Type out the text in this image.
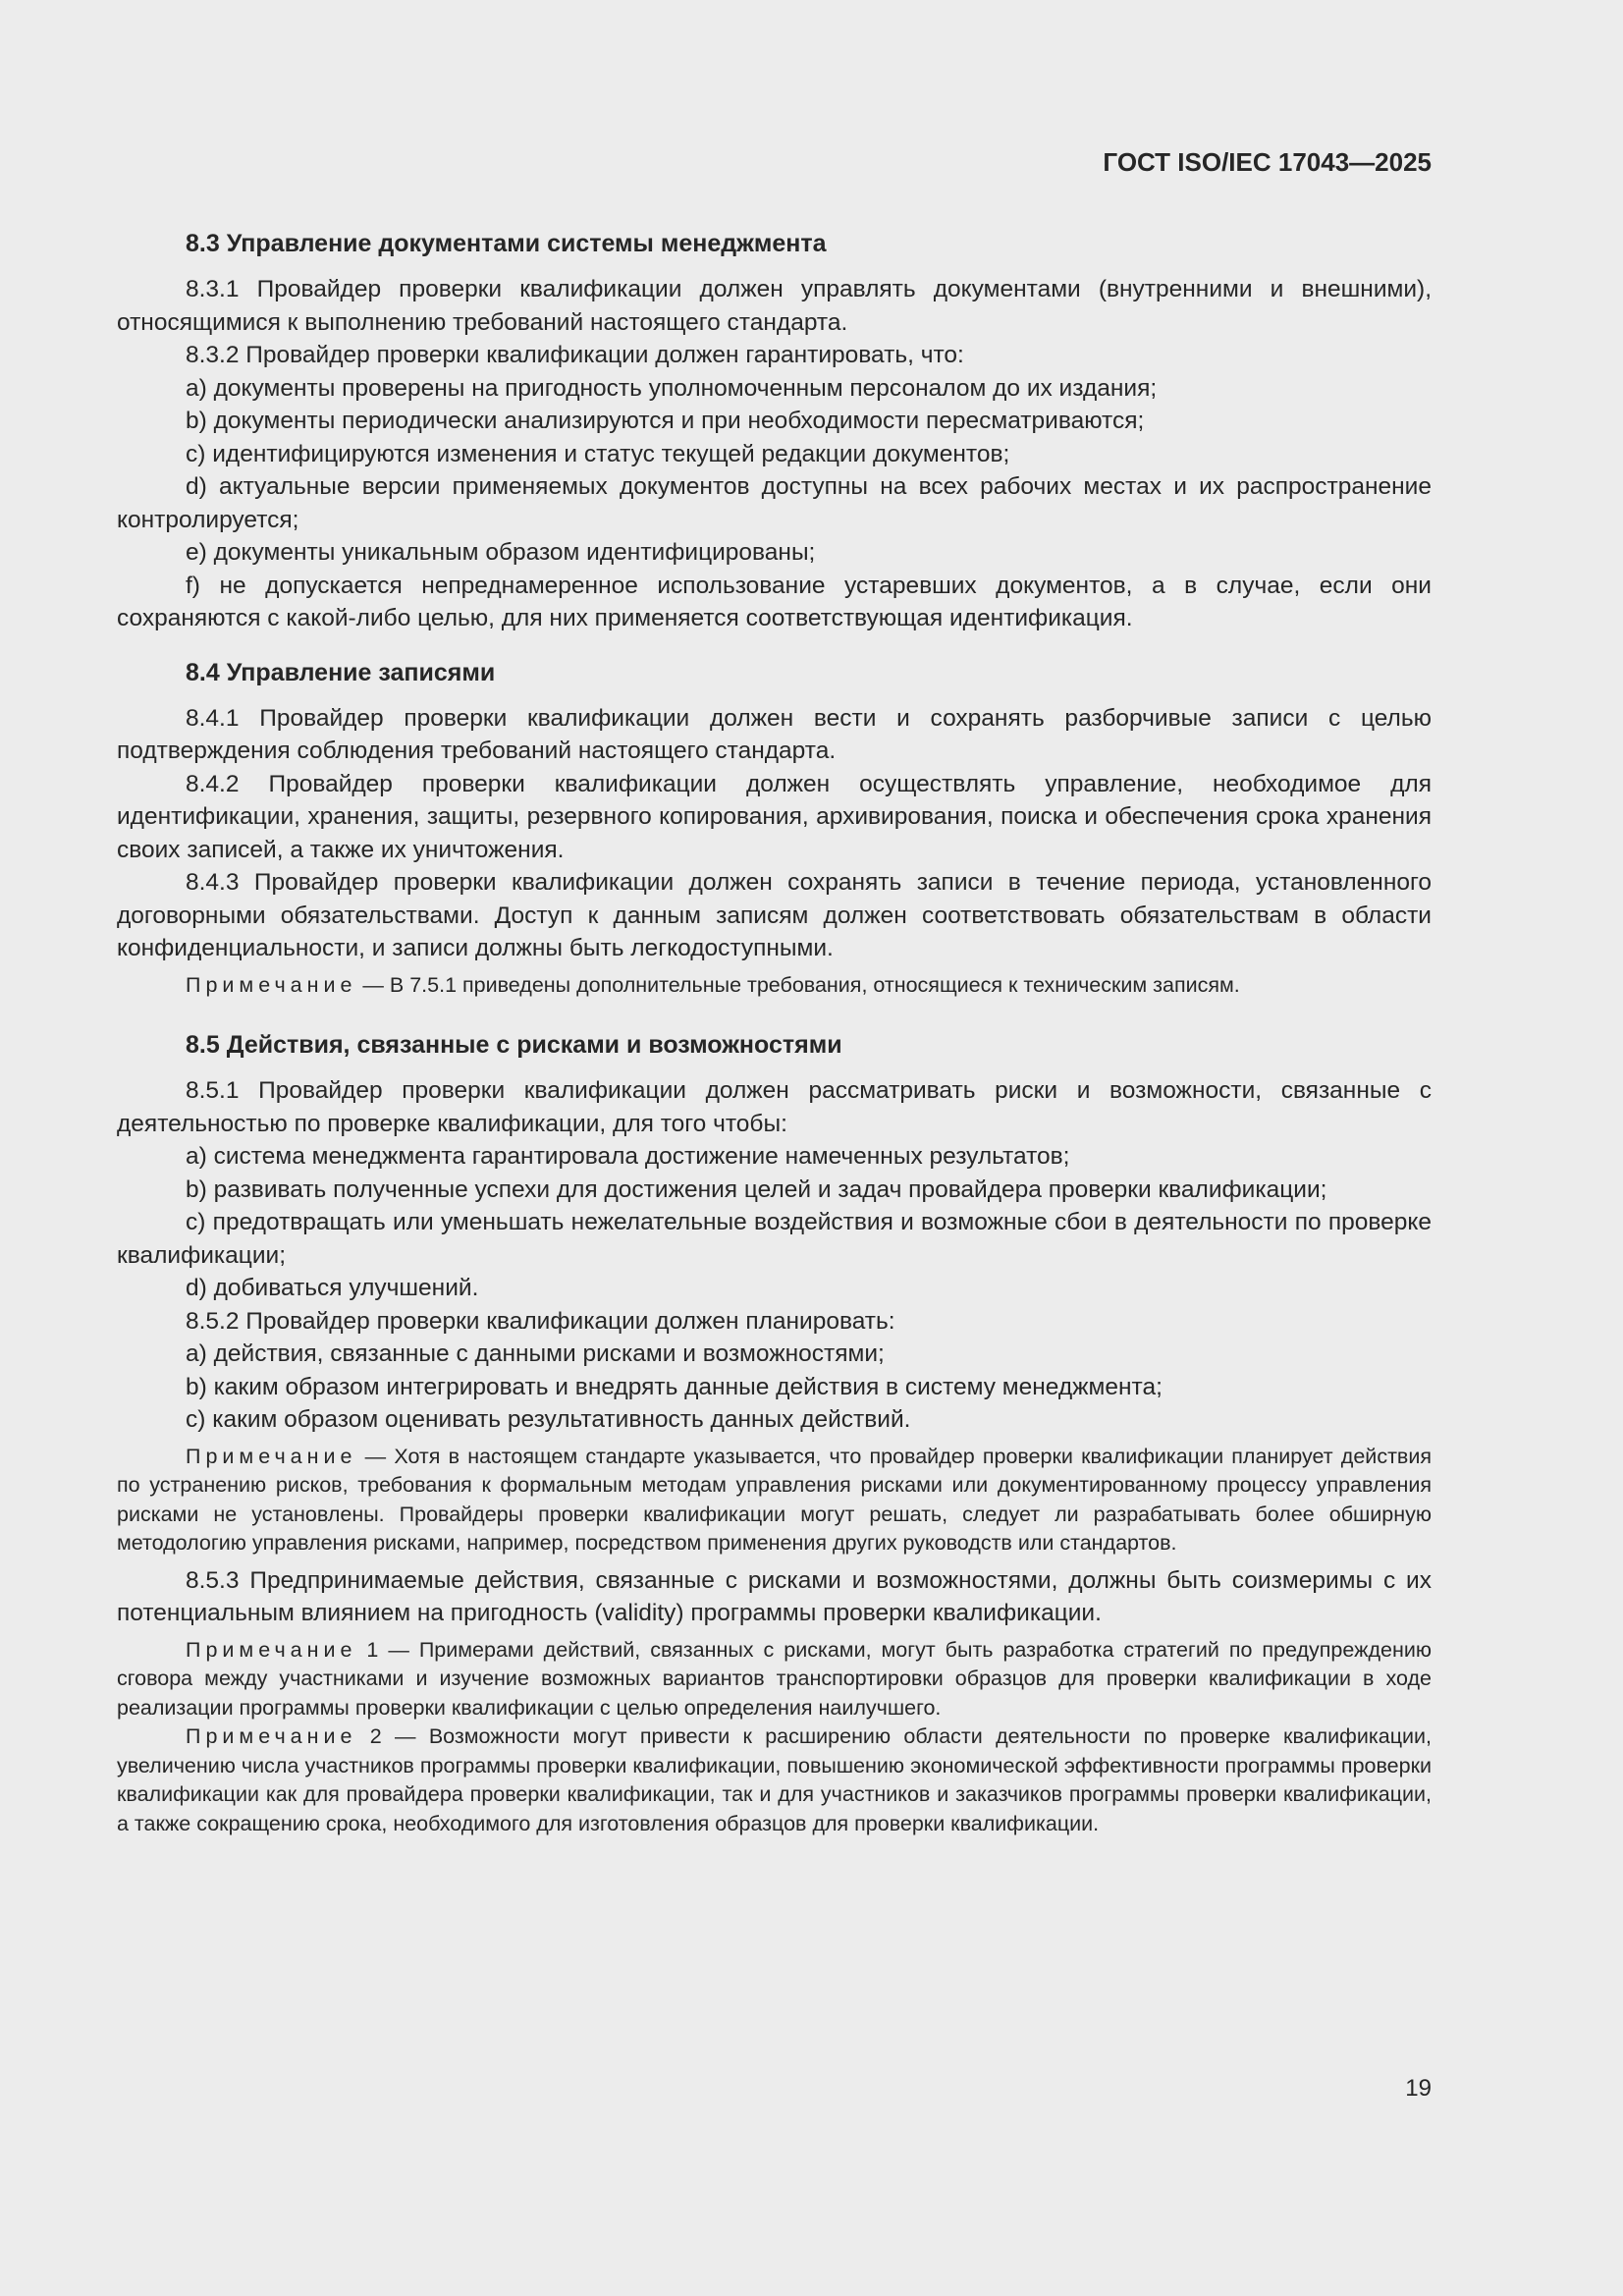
ГОСТ ISO/IEC 17043—2025
8.3 Управление документами системы менеджмента

8.3.1 Провайдер проверки квалификации должен управлять документами (внутренними и внешними), относящимися к выполнению требований настоящего стандарта.

8.3.2 Провайдер проверки квалификации должен гарантировать, что:

a) документы проверены на пригодность уполномоченным персоналом до их издания;

b) документы периодически анализируются и при необходимости пересматриваются;

c) идентифицируются изменения и статус текущей редакции документов;

d) актуальные версии применяемых документов доступны на всех рабочих местах и их распространение контролируется;

e) документы уникальным образом идентифицированы;

f) не допускается непреднамеренное использование устаревших документов, а в случае, если они сохраняются с какой-либо целью, для них применяется соответствующая идентификация.

8.4 Управление записями

8.4.1 Провайдер проверки квалификации должен вести и сохранять разборчивые записи с целью подтверждения соблюдения требований настоящего стандарта.

8.4.2 Провайдер проверки квалификации должен осуществлять управление, необходимое для идентификации, хранения, защиты, резервного копирования, архивирования, поиска и обеспечения срока хранения своих записей, а также их уничтожения.

8.4.3 Провайдер проверки квалификации должен сохранять записи в течение периода, установленного договорными обязательствами. Доступ к данным записям должен соответствовать обязательствам в области конфиденциальности, и записи должны быть легкодоступными.

Примечание — В 7.5.1 приведены дополнительные требования, относящиеся к техническим записям.

8.5 Действия, связанные с рисками и возможностями

8.5.1 Провайдер проверки квалификации должен рассматривать риски и возможности, связанные с деятельностью по проверке квалификации, для того чтобы:

a) система менеджмента гарантировала достижение намеченных результатов;

b) развивать полученные успехи для достижения целей и задач провайдера проверки квалификации;

c) предотвращать или уменьшать нежелательные воздействия и возможные сбои в деятельности по проверке квалификации;

d) добиваться улучшений.

8.5.2 Провайдер проверки квалификации должен планировать:

a) действия, связанные с данными рисками и возможностями;

b) каким образом интегрировать и внедрять данные действия в систему менеджмента;

c) каким образом оценивать результативность данных действий.

Примечание — Хотя в настоящем стандарте указывается, что провайдер проверки квалификации планирует действия по устранению рисков, требования к формальным методам управления рисками или документированному процессу управления рисками не установлены. Провайдеры проверки квалификации могут решать, следует ли разрабатывать более обширную методологию управления рисками, например, посредством применения других руководств или стандартов.

8.5.3 Предпринимаемые действия, связанные с рисками и возможностями, должны быть соизмеримы с их потенциальным влиянием на пригодность (validity) программы проверки квалификации.

Примечание 1 — Примерами действий, связанных с рисками, могут быть разработка стратегий по предупреждению сговора между участниками и изучение возможных вариантов транспортировки образцов для проверки квалификации в ходе реализации программы проверки квалификации с целью определения наилучшего.

Примечание 2 — Возможности могут привести к расширению области деятельности по проверке квалификации, увеличению числа участников программы проверки квалификации, повышению экономической эффективности программы проверки квалификации как для провайдера проверки квалификации, так и для участников и заказчиков программы проверки квалификации, а также сокращению срока, необходимого для изготовления образцов для проверки квалификации.

19
